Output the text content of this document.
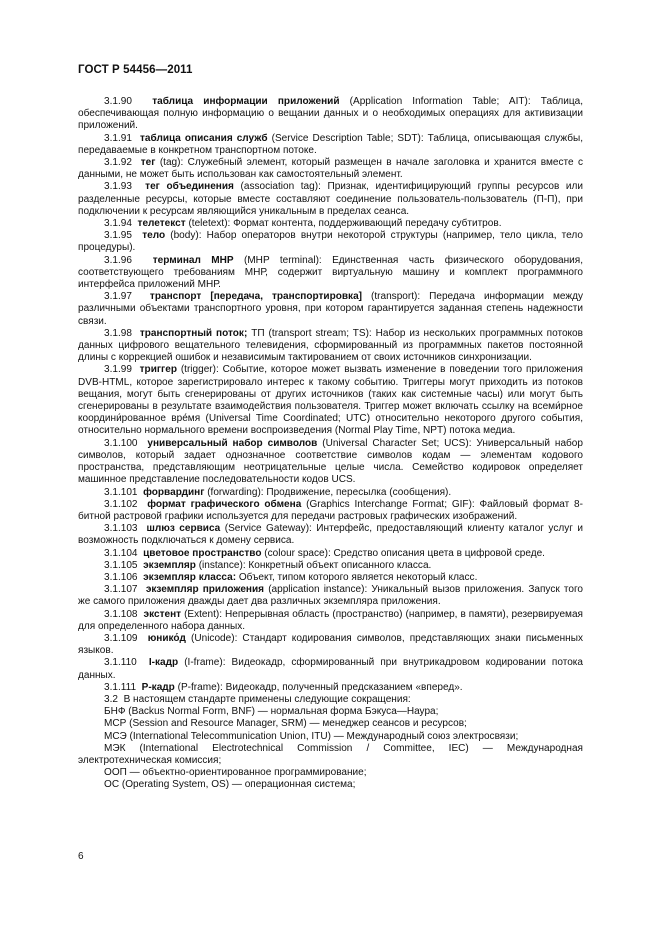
ГОСТ Р 54456—2011

3.1.90 таблица информации приложений (Application Information Table; AIT): Таблица, обеспечивающая полную информацию о вещании данных и о необходимых операциях для активизации приложений.

3.1.91 таблица описания служб (Service Description Table; SDT): Таблица, описывающая службы, передаваемые в конкретном транспортном потоке.

3.1.92 тег (tag): Служебный элемент, который размещен в начале заголовка и хранится вместе с данными, не может быть использован как самостоятельный элемент.

3.1.93 тег объединения (association tag): Признак, идентифицирующий группы ресурсов или разделенные ресурсы, которые вместе составляют соединение пользователь-пользователь (П-П), при подключении к ресурсам являющийся уникальным в пределах сеанса.

3.1.94 телетекст (teletext): Формат контента, поддерживающий передачу субтитров.

3.1.95 тело (body): Набор операторов внутри некоторой структуры (например, тело цикла, тело процедуры).

3.1.96 терминал МНР (MHP terminal): Единственная часть физического оборудования, соответствующего требованиям МНР, содержит виртуальную машину и комплект программного интерфейса приложений МНР.

3.1.97 транспорт [передача, транспортировка] (transport): Передача информации между различными объектами транспортного уровня, при котором гарантируется заданная степень надежности связи.

3.1.98 транспортный поток; ТП (transport stream; TS): Набор из нескольких программных потоков данных цифрового вещательного телевидения, сформированный из программных пакетов постоянной длины с коррекцией ошибок и независимым тактированием от своих источников синхронизации.

3.1.99 триггер (trigger): Событие, которое может вызвать изменение в поведении того приложения DVB-HTML, которое зарегистрировало интерес к такому событию. Триггеры могут приходить из потоков вещания, могут быть сгенерированы от других источников (таких как системные часы) или могут быть сгенерированы в результате взаимодействия пользователя. Триггер может включать ссылку на всеми́рное координи́рованное вре́мя (Universal Time Coordinated; UTC) относительно некоторого другого события, относительно нормального времени воспроизведения (Normal Play Time, NPT) потока медиа.

3.1.100 универсальный набор символов (Universal Character Set; UCS): Универсальный набор символов, который задает однозначное соответствие символов кодам — элементам кодового пространства, представляющим неотрицательные целые числа. Семейство кодировок определяет машинное представление последовательности кодов UCS.

3.1.101 форвардинг (forwarding): Продвижение, пересылка (сообщения).

3.1.102 формат графического обмена (Graphics Interchange Format; GIF): Файловый формат 8-битной растровой графики используется для передачи растровых графических изображений.

3.1.103 шлюз сервиса (Service Gateway): Интерфейс, предоставляющий клиенту каталог услуг и возможность подключаться к домену сервиса.

3.1.104 цветовое пространство (colour space): Средство описания цвета в цифровой среде.

3.1.105 экземпляр (instance): Конкретный объект описанного класса.

3.1.106 экземпляр класса: Объект, типом которого является некоторый класс.

3.1.107 экземпляр приложения (application instance): Уникальный вызов приложения. Запуск того же самого приложения дважды дает два различных экземпляра приложения.

3.1.108 экстент (Extent): Непрерывная область (пространство) (например, в памяти), резервируемая для определенного набора данных.

3.1.109 юнико́д (Unicode): Стандарт кодирования символов, представляющих знаки письменных языков.

3.1.110 I-кадр (I-frame): Видеокадр, сформированный при внутрикадровом кодировании потока данных.

3.1.111 P-кадр (P-frame): Видеокадр, полученный предсказанием «вперед».

3.2 В настоящем стандарте применены следующие сокращения:

БНФ (Backus Normal Form, BNF) — нормальная форма Бэкуса—Наура;

МСР (Session and Resource Manager, SRM) — менеджер сеансов и ресурсов;

МСЭ (International Telecommunication Union, ITU) — Международный союз электросвязи;

МЭК (International Electrotechnical Commission / Committee, IEC) — Международная электротехническая комиссия;

ООП — объектно-ориентированное программирование;

ОС (Operating System, OS) — операционная система;

6
